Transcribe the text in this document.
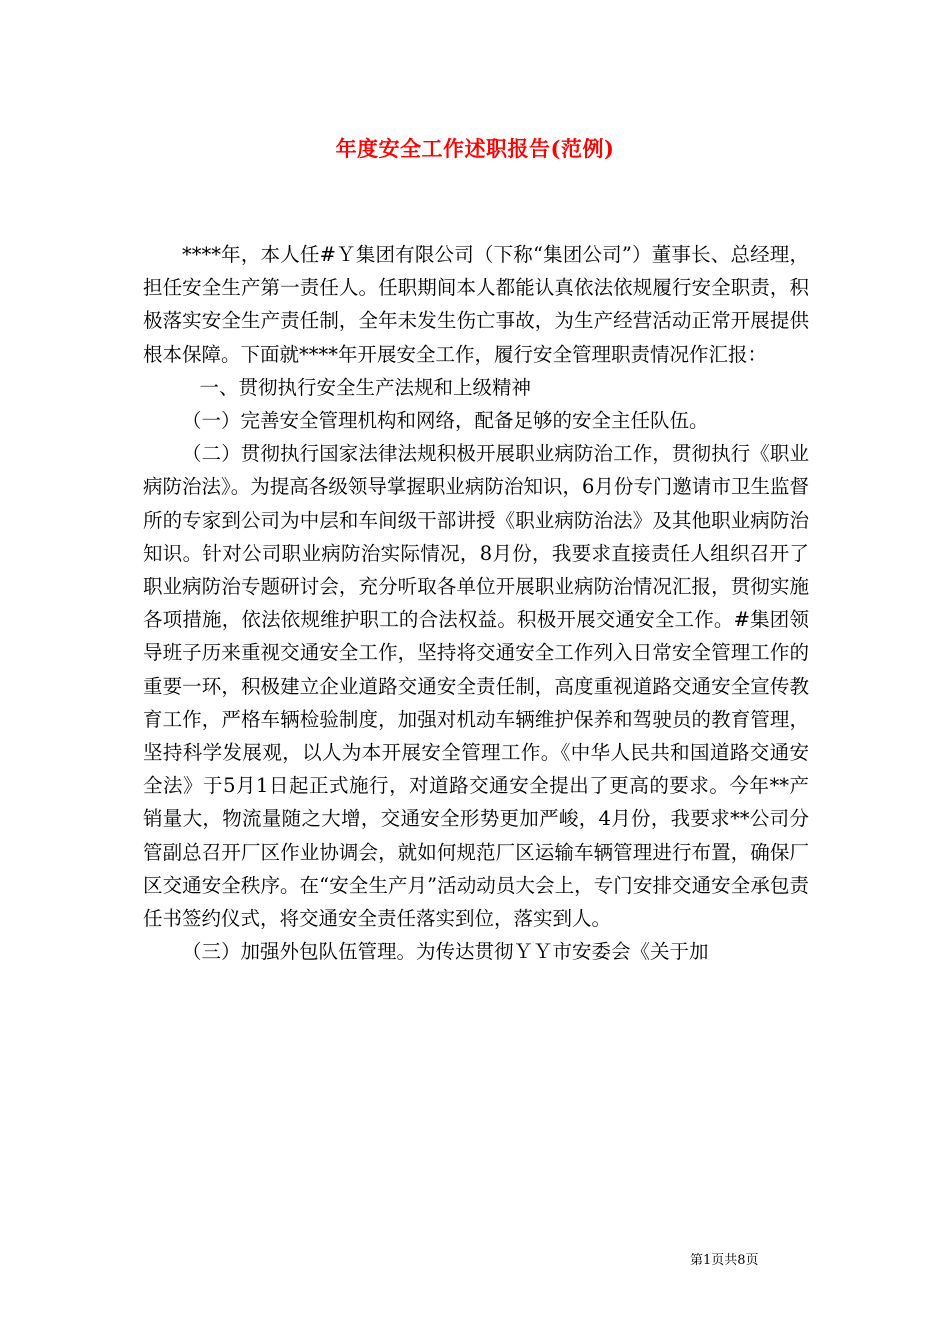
年度安全工作述职报告(范例)

****年，本人任#Ｙ集团有限公司（下称“集团公司”）董事长、总经理，担任安全生产第一责任人。任职期间本人都能认真依法依规履行安全职责，积极落实安全生产责任制，全年未发生伤亡事故，为生产经营活动正常开展提供根本保障。下面就****年开展安全工作，履行安全管理职责情况作汇报：

一、贯彻执行安全生产法规和上级精神

（一）完善安全管理机构和网络，配备足够的安全主任队伍。

（二）贯彻执行国家法律法规积极开展职业病防治工作，贯彻执行《职业病防治法》。为提高各级领导掌握职业病防治知识，6月份专门邀请市卫生监督所的专家到公司为中层和车间级干部讲授《职业病防治法》及其他职业病防治知识。针对公司职业病防治实际情况，8月份，我要求直接责任人组织召开了职业病防治专题研讨会，充分听取各单位开展职业病防治情况汇报，贯彻实施各项措施，依法依规维护职工的合法权益。积极开展交通安全工作。#集团领导班子历来重视交通安全工作，坚持将交通安全工作列入日常安全管理工作的重要一环，积极建立企业道路交通安全责任制，高度重视道路交通安全宣传教育工作，严格车辆检验制度，加强对机动车辆维护保养和驾驶员的教育管理，坚持科学发展观，以人为本开展安全管理工作。《中华人民共和国道路交通安全法》于5月1日起正式施行，对道路交通安全提出了更高的要求。今年**产销量大，物流量随之大增，交通安全形势更加严峻，4月份，我要求**公司分管副总召开厂区作业协调会，就如何规范厂区运输车辆管理进行布置，确保厂区交通安全秩序。在“安全生产月”活动动员大会上，专门安排交通安全承包责任书签约仪式，将交通安全责任落实到位，落实到人。

（三）加强外包队伍管理。为传达贯彻ＹＹ市安委会《关于加

第1页共8页
